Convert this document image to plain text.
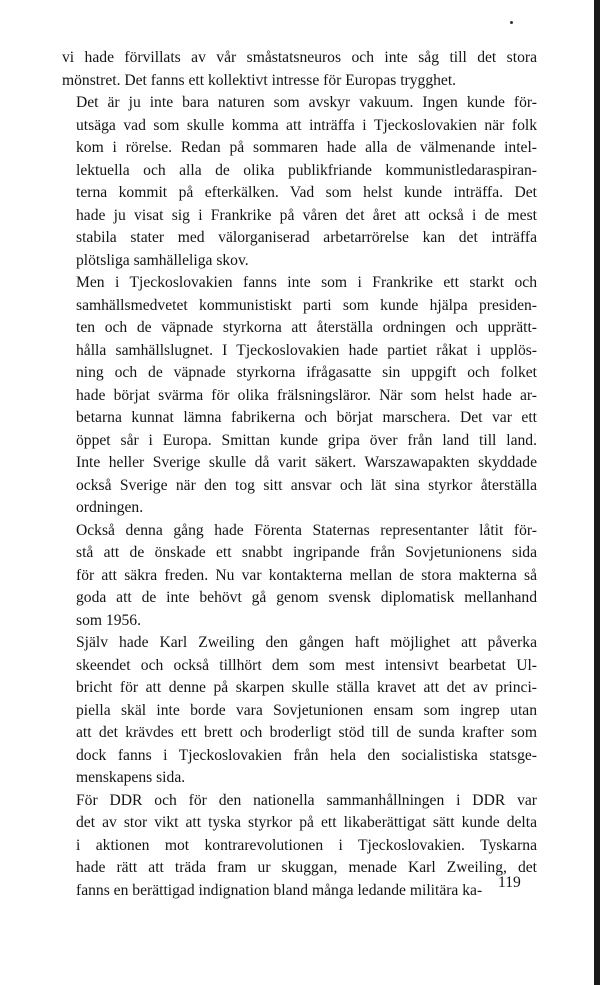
vi hade förvillats av vår småstatsneuros och inte såg till det stora
mönstret. Det fanns ett kollektivt intresse för Europas trygghet.

Det är ju inte bara naturen som avskyr vakuum. Ingen kunde för-
utsäga vad som skulle komma att inträffa i Tjeckoslovakien när folk
kom i rörelse. Redan på sommaren hade alla de välmenande intel-
lektuella och alla de olika publikfriande kommunistledaraspiran-
terna kommit på efterkälken. Vad som helst kunde inträffa. Det
hade ju visat sig i Frankrike på våren det året att också i de mest
stabila stater med välorganiserad arbetarrörelse kan det inträffa
plötsliga samhälleliga skov.

Men i Tjeckoslovakien fanns inte som i Frankrike ett starkt och
samhällsmedvetet kommunistiskt parti som kunde hjälpa presiden-
ten och de väpnade styrkorna att återställa ordningen och upprätt-
hålla samhällslugnet. I Tjeckoslovakien hade partiet råkat i upplös-
ning och de väpnade styrkorna ifrågasatte sin uppgift och folket
hade börjat svärma för olika frälsningsläror. När som helst hade ar-
betarna kunnat lämna fabrikerna och börjat marschera. Det var ett
öppet sår i Europa. Smittan kunde gripa över från land till land.
Inte heller Sverige skulle då varit säkert. Warszawapakten skyddade
också Sverige när den tog sitt ansvar och lät sina styrkor återställa
ordningen.

Också denna gång hade Förenta Staternas representanter låtit för-
stå att de önskade ett snabbt ingripande från Sovjetunionens sida
för att säkra freden. Nu var kontakterna mellan de stora makterna så
goda att de inte behövt gå genom svensk diplomatisk mellanhand
som 1956.

Själv hade Karl Zweiling den gången haft möjlighet att påverka
skeendet och också tillhört dem som mest intensivt bearbetat Ul-
bricht för att denne på skarpen skulle ställa kravet att det av princi-
piella skäl inte borde vara Sovjetunionen ensam som ingrep utan
att det krävdes ett brett och broderligt stöd till de sunda krafter som
dock fanns i Tjeckoslovakien från hela den socialistiska statsge-
menskapens sida.

För DDR och för den nationella sammanhållningen i DDR var
det av stor vikt att tyska styrkor på ett likaberättigat sätt kunde delta
i aktionen mot kontrarevolutionen i Tjeckoslovakien. Tyskarna
hade rätt att träda fram ur skuggan, menade Karl Zweiling, det
fanns en berättigad indignation bland många ledande militära ka-	119
